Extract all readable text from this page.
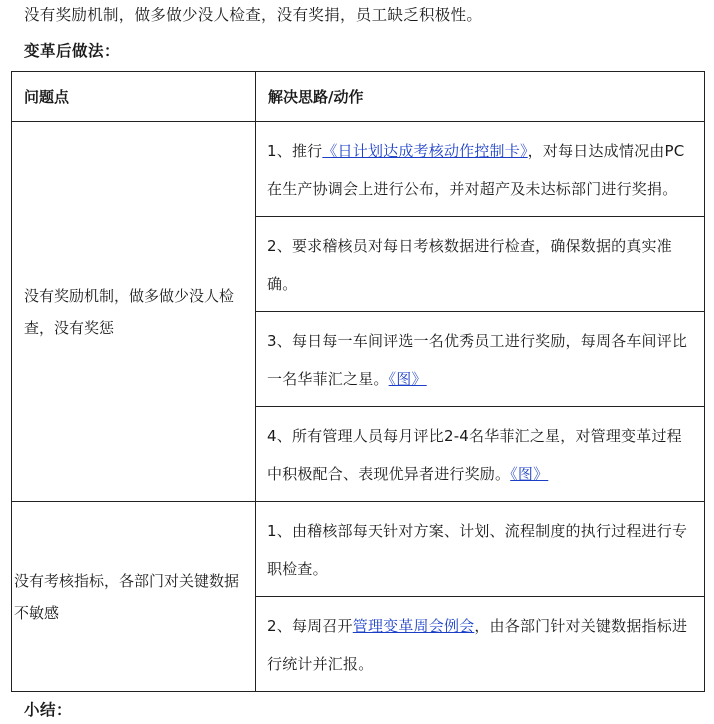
没有奖励机制，做多做少没人检查，没有奖捐，员工缺乏积极性。
变革后做法：
问题点	解决思路/动作

没有奖励机制，做多做少没人检查，没有奖惩	1、推行《日计划达成考核动作控制卡》，对每日达成情况由PC在生产协调会上进行公布，并对超产及未达标部门进行奖捐。

	2、要求稽核员对每日考核数据进行检查，确保数据的真实准确。

	3、每日每一车间评选一名优秀员工进行奖励，每周各车间评比一名华菲汇之星。《图》

	4、所有管理人员每月评比2-4名华菲汇之星，对管理变革过程中积极配合、表现优异者进行奖励。《图》

没有考核指标，各部门对关键数据不敏感	1、由稽核部每天针对方案、计划、流程制度的执行过程进行专职检查。

	2、每周召开管理变革周会例会，由各部门针对关键数据指标进行统计并汇报。
小结：
